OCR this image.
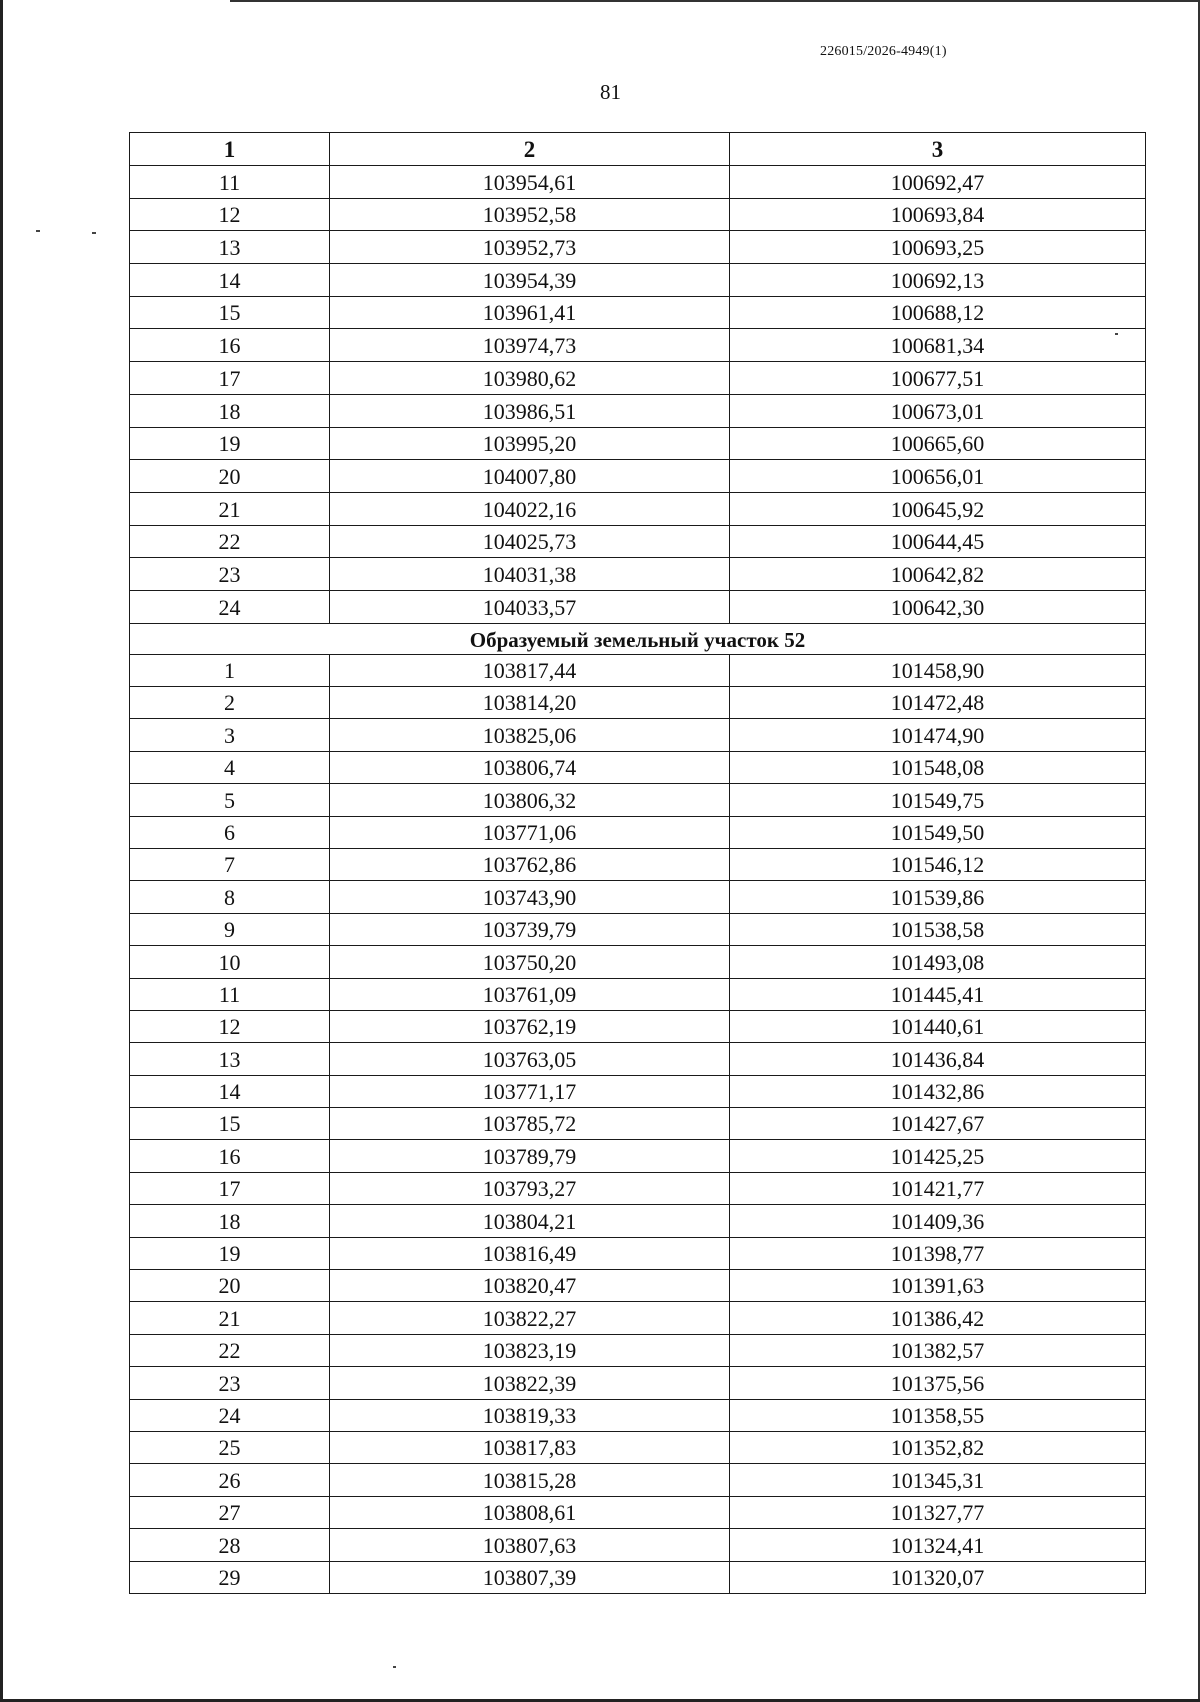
226015/2026-4949(1)
81
1	2	3
11	103954,61	100692,47
12	103952,58	100693,84
13	103952,73	100693,25
14	103954,39	100692,13
15	103961,41	100688,12
16	103974,73	100681,34
17	103980,62	100677,51
18	103986,51	100673,01
19	103995,20	100665,60
20	104007,80	100656,01
21	104022,16	100645,92
22	104025,73	100644,45
23	104031,38	100642,82
24	104033,57	100642,30
Образуемый земельный участок 52		
1	103817,44	101458,90
2	103814,20	101472,48
3	103825,06	101474,90
4	103806,74	101548,08
5	103806,32	101549,75
6	103771,06	101549,50
7	103762,86	101546,12
8	103743,90	101539,86
9	103739,79	101538,58
10	103750,20	101493,08
11	103761,09	101445,41
12	103762,19	101440,61
13	103763,05	101436,84
14	103771,17	101432,86
15	103785,72	101427,67
16	103789,79	101425,25
17	103793,27	101421,77
18	103804,21	101409,36
19	103816,49	101398,77
20	103820,47	101391,63
21	103822,27	101386,42
22	103823,19	101382,57
23	103822,39	101375,56
24	103819,33	101358,55
25	103817,83	101352,82
26	103815,28	101345,31
27	103808,61	101327,77
28	103807,63	101324,41
29	103807,39	101320,07
